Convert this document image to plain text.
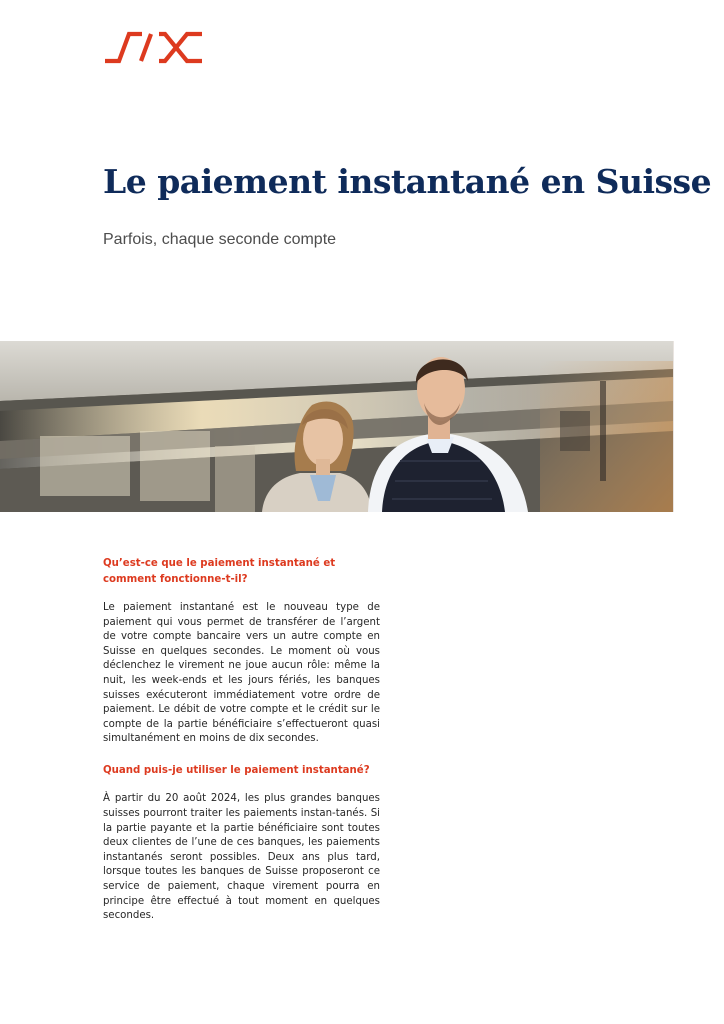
Le paiement instantané en Suisse

Parfois, chaque seconde compte

Qu’est-ce que le paiement instantané et comment fonctionne-t-il?

Le paiement instantané est le nouveau type de paiement qui vous permet de transférer de l’argent de votre compte bancaire vers un autre compte en Suisse en quelques secondes. Le moment où vous déclenchez le virement ne joue aucun rôle: même la nuit, les week-ends et les jours fériés, les banques suisses exécuteront immédiatement votre ordre de paiement. Le débit de votre compte et le crédit sur le compte de la partie bénéficiaire s’effectueront quasi simultanément en moins de dix secondes.

Quand puis-je utiliser le paiement instantané?

À partir du 20 août 2024, les plus grandes banques suisses pourront traiter les paiements instan-tanés. Si la partie payante et la partie bénéficiaire sont toutes deux clientes de l’une de ces banques, les paiements instantanés seront possibles. Deux ans plus tard, lorsque toutes les banques de Suisse proposeront ce service de paiement, chaque virement pourra en principe être effectué à tout moment en quelques secondes.
